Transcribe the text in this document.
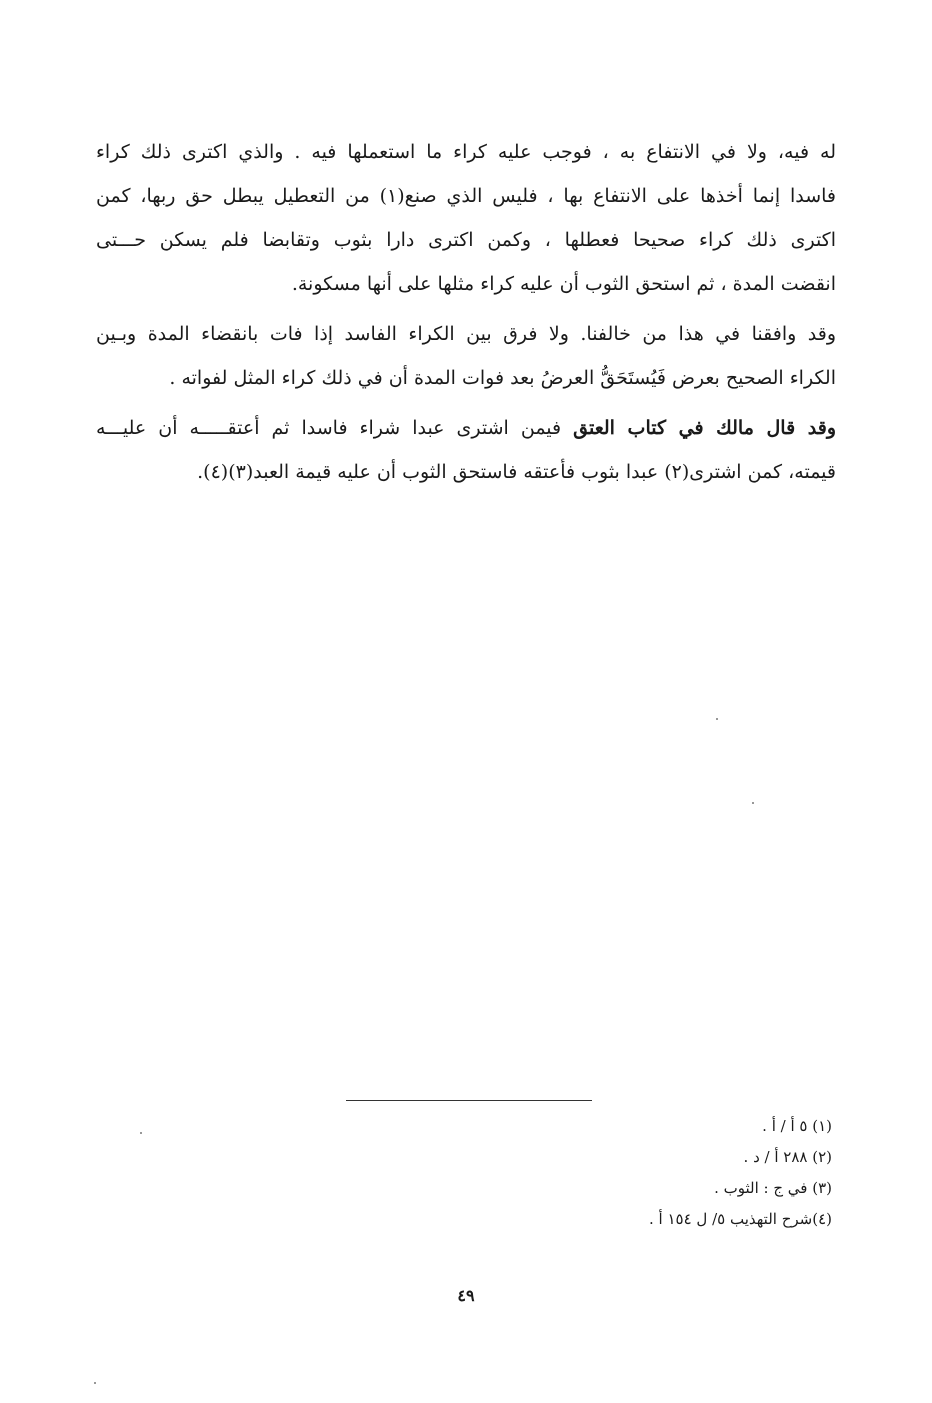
له فيه، ولا في الانتفاع به ، فوجب عليه كراء ما استعملها فيه . والذي اكترى ذلك كراء
فاسدا إنما أخذها على الانتفاع بها ، فليس الذي صنع(١) من التعطيل يبطل حق ربها، كمن
اكترى ذلك كراء صحيحا فعطلها ، وكمن اكترى دارا بثوب وتقابضا فلم يسكن حـــتى
انقضت المدة ، ثم استحق الثوب أن عليه كراء مثلها على أنها مسكونة.
وقد وافقنا في هذا من خالفنا. ولا فرق بين الكراء الفاسد إذا فات بانقضاء المدة وبـين
الكراء الصحيح بعرض فَيُستَحَقُّ العرضُ بعد فوات المدة أن في ذلك كراء المثل لفواته .
وقد قال مالك في كتاب العتق فيمن اشترى عبدا شراء فاسدا ثم أعتقـــــه أن عليـــه
قيمته، كمن اشترى(٢) عبدا بثوب فأعتقه فاستحق الثوب أن عليه قيمة العبد(٣)(٤).
(١) ٥ أ / أ .
(٢) ٢٨٨ أ / د .
(٣) في ج : الثوب .
(٤)شرح التهذيب ٥/ ل ١٥٤ أ .
٤٩
